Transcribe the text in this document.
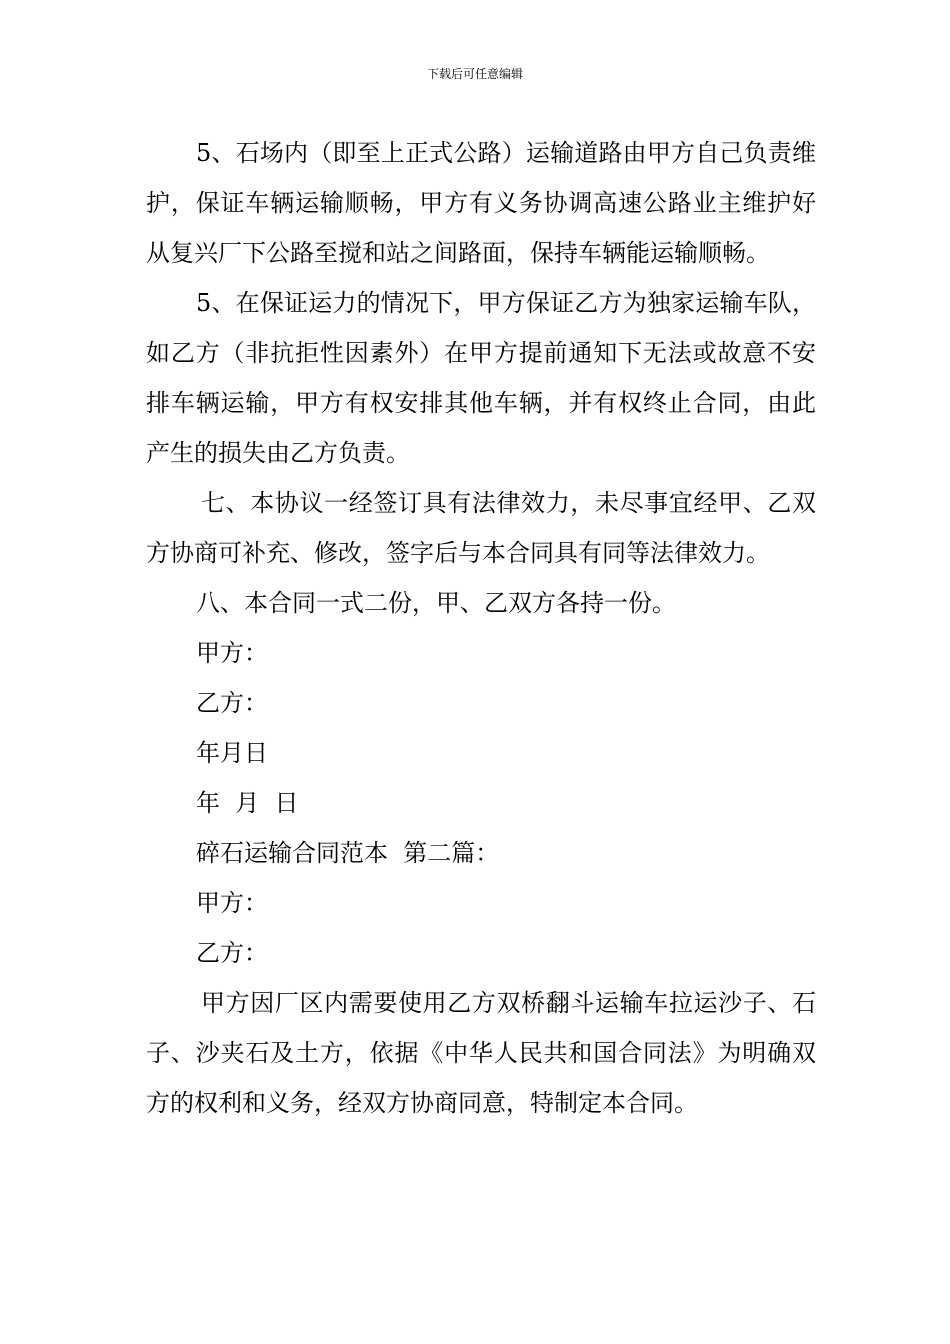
下载后可任意编辑

5、石场内（即至上正式公路）运输道路由甲方自己负责维护，保证车辆运输顺畅，甲方有义务协调高速公路业主维护好从复兴厂下公路至搅和站之间路面，保持车辆能运输顺畅。

5、在保证运力的情况下，甲方保证乙方为独家运输车队，如乙方（非抗拒性因素外）在甲方提前通知下无法或故意不安排车辆运输，甲方有权安排其他车辆，并有权终止合同，由此产生的损失由乙方负责。

七、本协议一经签订具有法律效力，未尽事宜经甲、乙双方协商可补充、修改，签字后与本合同具有同等法律效力。

八、本合同一式二份，甲、乙双方各持一份。

甲方：

乙方：

年月日

年  月  日

碎石运输合同范本  第二篇：

甲方：

乙方：

甲方因厂区内需要使用乙方双桥翻斗运输车拉运沙子、石子、沙夹石及土方，依据《中华人民共和国合同法》为明确双方的权利和义务，经双方协商同意，特制定本合同。
